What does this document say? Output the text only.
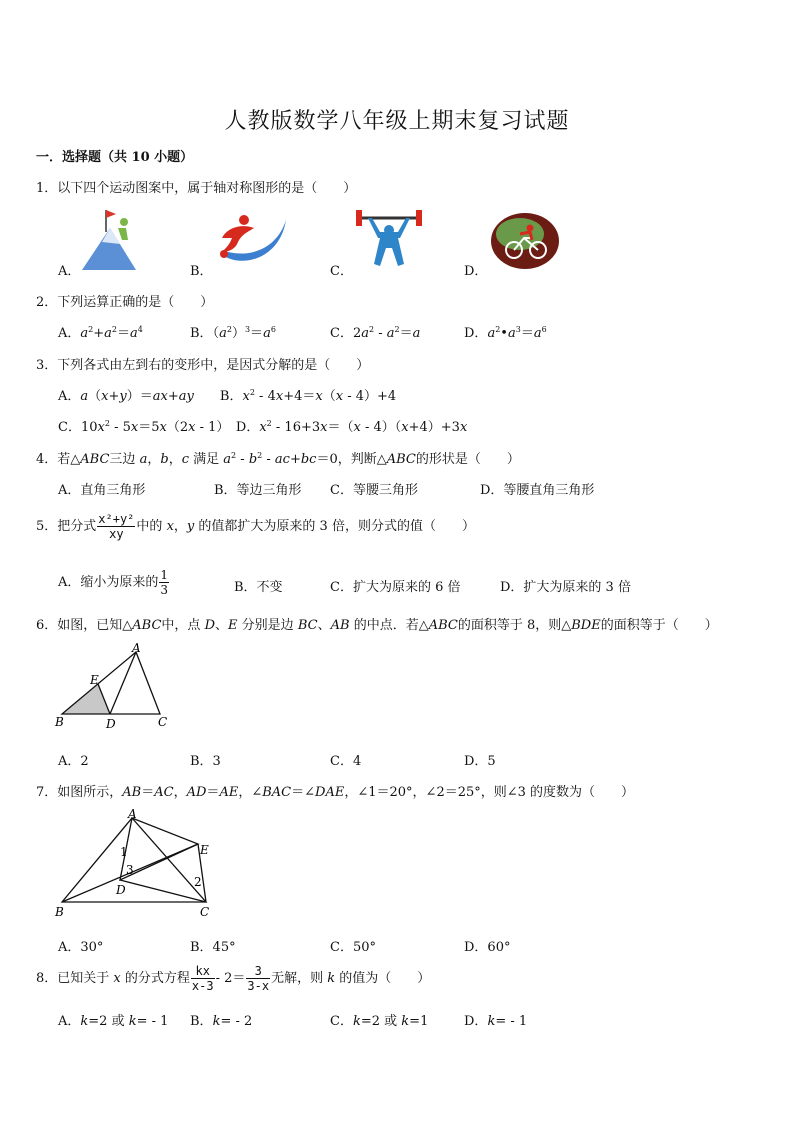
人教版数学八年级上期末复习试题
一．选择题（共 10 小题）
1．以下四个运动图案中，属于轴对称图形的是（　　）
A．	B．	C．	D．
2．下列运算正确的是（　　）
A．$a^2+a^2=a^4$	B．$(a^2)^3=a^6$	C．$2a^2 - a^2=a$	D．$a^2•a^3=a^6$
3．下列各式由左到右的变形中，是因式分解的是（　　）
A．a（x+y）＝ax+ay　　B．$x^2 - 4x+4=x(x - 4)+4$
C．$10x^2 - 5x=5x(2x - 1)$　D．$x^2 - 16+3x=(x - 4)(x+4)+3x$
4．若△ABC三边 a，b，c 满足 $a^2 - b^2 - ac+bc=0$，判断△ABC的形状是（　　）
A．直角三角形	B．等边三角形 C．等腰三角形	D．等腰直角三角形
5．把分式 $\frac{\text{x²+y²}}{xy}$ 中的 x，y 的值都扩大为原来的 3 倍，则分式的值（　　）
A．缩小为原来的 $\frac{1}{3}$	B．不变	C．扩大为原来的 6 倍	D．扩大为原来的 3 倍
6．如图，已知△ABC中，点 D、E 分别是边 BC、AB 的中点．若△ABC的面积等于 8，则△BDE的面积等于（　　）
A
E
B	D	C
A．2	B．3	C．4	D．5
7．如图所示，AB＝AC，AD＝AE，∠BAC＝∠DAE，∠1＝20°，∠2＝25°，则∠3 的度数为（　　）
A
E
B	C
D
1
2
3
A．30°	B．45°	C．50°	D．60°
8．已知关于 x 的分式方程 $\frac{kx}{x-3} - 2= \frac{3}{3-x}$ 无解，则 k 的值为（　　）
A．k=2 或 k= - 1 B．k= - 2	C．k=2 或 k=1	D．k= - 1
